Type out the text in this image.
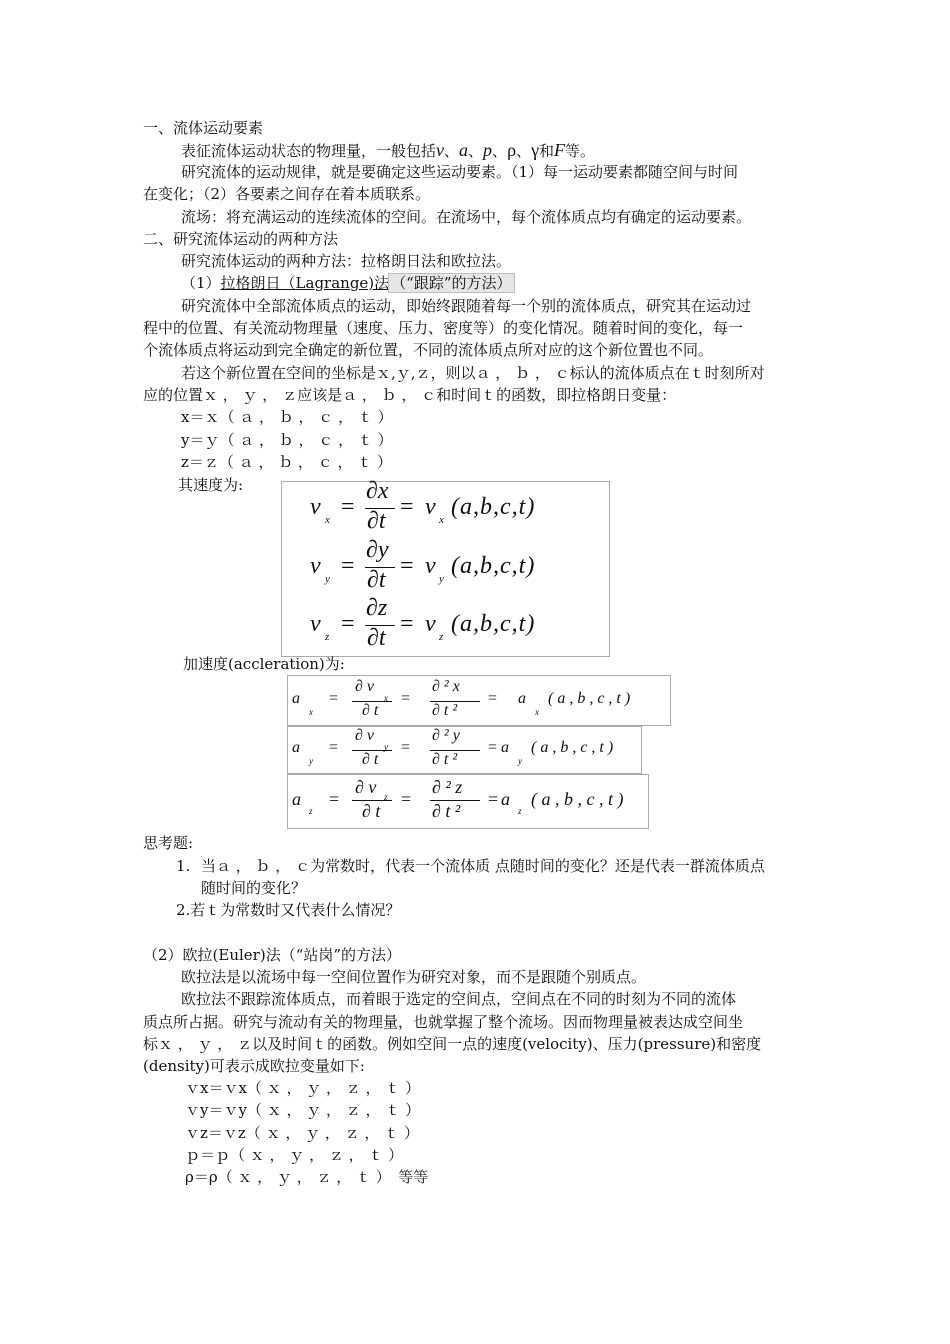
一、流体运动要素
表征流体运动状态的物理量，一般包括v、a、p、ρ、γ和F等。
研究流体的运动规律，就是要确定这些运动要素。（1）每一运动要素都随空间与时间
在变化；（2）各要素之间存在着本质联系。
流场：将充满运动的连续流体的空间。在流场中，每个流体质点均有确定的运动要素。
二、研究流体运动的两种方法
研究流体运动的两种方法：拉格朗日法和欧拉法。
（1）拉格朗日（Lagrange)法 （“跟踪”的方法）
研究流体中全部流体质点的运动，即始终跟随着每一个别的流体质点，研究其在运动过
程中的位置、有关流动物理量（速度、压力、密度等）的变化情况。随着时间的变化，每一
个流体质点将运动到完全确定的新位置，不同的流体质点所对应的这个新位置也不同。
若这个新位置在空间的坐标是ｘ,ｙ,ｚ，则以ａ ， ｂ ， ｃ标认的流体质点在ｔ时刻所对
应的位置ｘ ， ｙ ， ｚ应该是ａ ， ｂ ， ｃ和时间ｔ的函数，即拉格朗日变量：
x＝ｘ（ ａ ， ｂ ， ｃ ， ｔ ）
y＝ｙ（ ａ ， ｂ ， ｃ ， ｔ ）
z＝ｚ（ ａ ， ｂ ， ｃ ， ｔ ）
其速度为:
v x =
∂x
∂t
= v x (a,b,c,t)
v y =
∂y
∂t
= v y (a,b,c,t)
v z =
∂z
∂t
= v z (a,b,c,t)
加速度(accleration)为:
a
x
=
∂ v
x
∂ t
=
∂ ² x
∂ t ²
= a
x
( a , b , c , t )
a
y
=
∂ v
y
∂ t
=
∂ ² y
∂ t ²
= a
y
( a , b , c , t )
a
z
=
∂ v z
∂ t
=
∂ ² z
∂ t ²
= a
z
( a , b , c , t )
思考题:
1. 当ａ ， ｂ ， ｃ为常数时，代表一个流体质 点随时间的变化？还是代表一群流体质点
随时间的变化？
2.若ｔ为常数时又代表什么情况？
（2）欧拉(Euler)法（“站岗”的方法）
欧拉法是以流场中每一空间位置作为研究对象，而不是跟随个别质点。
欧拉法不跟踪流体质点，而着眼于选定的空间点，空间点在不同的时刻为不同的流体
质点所占据。研究与流动有关的物理量，也就掌握了整个流场。因而物理量被表达成空间坐
标ｘ ， ｙ ， ｚ以及时间ｔ的函数。例如空间一点的速度(velocity)、压力(pressure)和密度
(density)可表示成欧拉变量如下:
ｖx＝ｖx（ ｘ ， ｙ ， ｚ ， ｔ ）
ｖy＝ｖy（ ｘ ， ｙ ， ｚ ， ｔ ）
ｖz＝ｖz（ ｘ ， ｙ ， ｚ ， ｔ ）
ｐ＝ｐ（ ｘ ， ｙ ， ｚ ， ｔ ）
ρ＝ρ（ ｘ ， ｙ ， ｚ ， ｔ ）　等等
